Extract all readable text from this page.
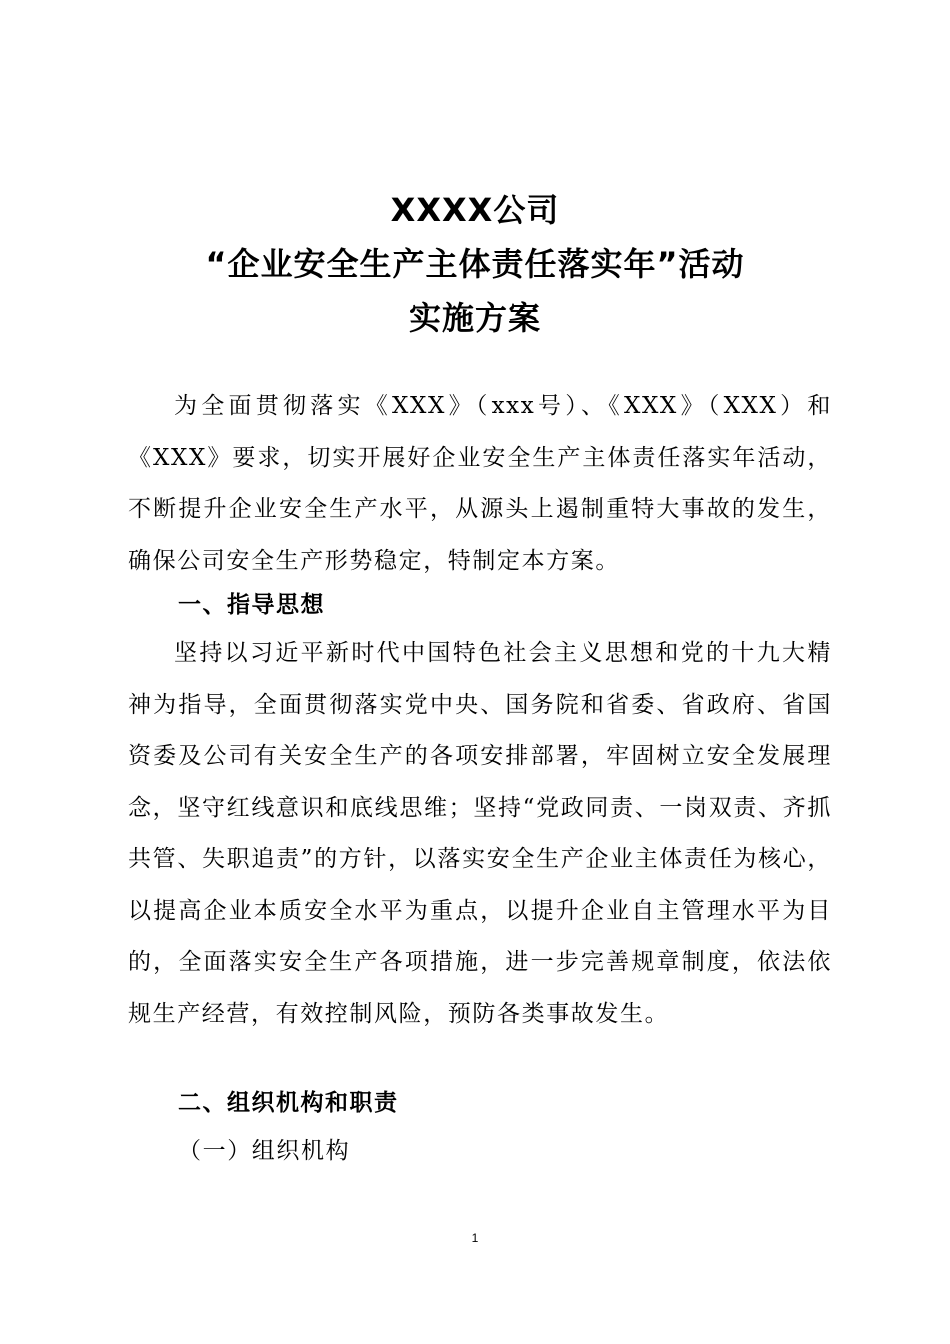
XXXX公司
“企业安全生产主体责任落实年”活动
实施方案

为全面贯彻落实《XXX》（xxx号）、《XXX》（XXX）和《XXX》要求，切实开展好企业安全生产主体责任落实年活动，不断提升企业安全生产水平，从源头上遏制重特大事故的发生，确保公司安全生产形势稳定，特制定本方案。

一、指导思想

坚持以习近平新时代中国特色社会主义思想和党的十九大精神为指导，全面贯彻落实党中央、国务院和省委、省政府、省国资委及公司有关安全生产的各项安排部署，牢固树立安全发展理念，坚守红线意识和底线思维；坚持“党政同责、一岗双责、齐抓共管、失职追责”的方针，以落实安全生产企业主体责任为核心，以提高企业本质安全水平为重点，以提升企业自主管理水平为目的，全面落实安全生产各项措施，进一步完善规章制度，依法依规生产经营，有效控制风险，预防各类事故发生。

二、组织机构和职责
（一）组织机构
1
